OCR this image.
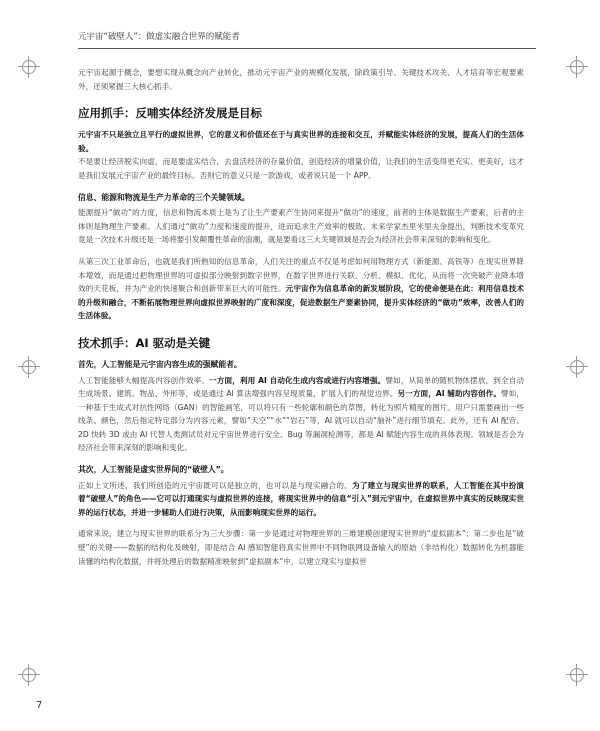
元宇宙“破壁人”：做虚实融合世界的赋能者

元宇宙起源于概念，要想实现从概念向产业转化，推动元宇宙产业的规模化发展，除政策引导、关键技术攻关、人才培育等宏观要素外，还须紧握三大核心抓手。

应用抓手：反哺实体经济发展是目标

元宇宙不只是独立且平行的虚拟世界，它的意义和价值还在于与真实世界的连接和交互，并赋能实体经济的发展，提高人们的生活体验。

不是要让经济脱实向虚，而是要虚实结合，去盘活经济的存量价值，创造经济的增量价值，让我们的生活变得更充实、更美好，这才是我们发展元宇宙产业的最终目标。否则它的意义只是一款游戏，或者说只是一个 APP。

信息、能源和物流是生产力革命的三个关键领域。

能源提升“做功”的力度，信息和物流本质上是为了让生产要素产生协同来提升“做功”的速度，前者的主体是数据生产要素，后者的主体则是物理生产要素。人们通过“做功”力度和速度的提升，进而追求生产效率的极致。未来学家杰里米里夫金提出，判断技术变革究竟是一次技术升级还是一场将要引发颠覆性革命的浪潮，就是要看这三大关键领域是否会为经济社会带来深刻的影响和变化。

从第三次工业革命后，也就是我们所熟知的信息革命，人们关注的重点不仅是考虑如何用物理方式（新能源、高铁等）在现实世界降本增效，而是通过把物理世界的可虚拟部分映射到数字世界，在数字世界进行关联，分析、模拟、优化，从而将一次突破产业降本增效的天花板，并为产业的快速聚合和创新带来巨大的可能性。元宇宙作为信息革命的新发展阶段，它的使命便是在此：利用信息技术的升级和融合，不断拓展物理世界向虚拟世界映射的广度和深度，促进数据生产要素协同，提升实体经济的“做功”效率，改善人们的生活体验。

技术抓手：AI 驱动是关键
首先，人工智能是元宇宙内容生成的强赋能者。

人工智能能够大幅提高内容创作效率。一方面，利用 AI 自动化生成内容或进行内容增强。譬如，从简单的随机物体摆放，到全自动生成场景、建筑、物品、外形等，或是通过 AI 算法增强内容呈现质量，扩展人们的视觉边界。另一方面，AI 辅助内容创作。譬如，一种基于生成式对抗性网络（GAN）的智能画笔，可以将只有一些轮廓和颜色的草图，转化为照片精度的图片。用户只需要画出一些线条、颜色，然后指定特定部分为内容元素，譬如“天空”“水”“岩石”等，AI 就可以自动“脑补”进行细节填充。此外，还有 AI 配音、2D 快转 3D 或由 AI 代替人类测试员对元宇宙世界进行安全、Bug 等漏洞检测等，都是 AI 赋能内容生成的具体表现。领域是否会为经济社会带来深刻的影响和变化。

其次，人工智能是虚实世界间的“破壁人”。

正如上文所述，我们所创造的元宇宙既可以是独立的，也可以是与现实融合的。为了建立与现实世界的联系，人工智能在其中扮演着“破壁人”的角色——它可以打通现实与虚拟世界的连接，将现实世界中的信息“引入”到元宇宙中，在虚拟世界中真实的反映现实世界的运行状态，并进一步辅助人们进行决策，从而影响现实世界的运行。

通常来说，建立与现实世界的联系分为三大步骤：第一步是通过对物理世界的三维建模创建现实世界的“虚拟副本”；第二步也是“破壁”的关键——数据的结构化及映射，即是结合 AI 感知智能将真实世界中不同物联网设备输入的原始（非结构化）数据转化为机器能读懂的结构化数据，并将处理后的数据精准映射到“虚拟副本”中，以建立现实与虚拟世

7
